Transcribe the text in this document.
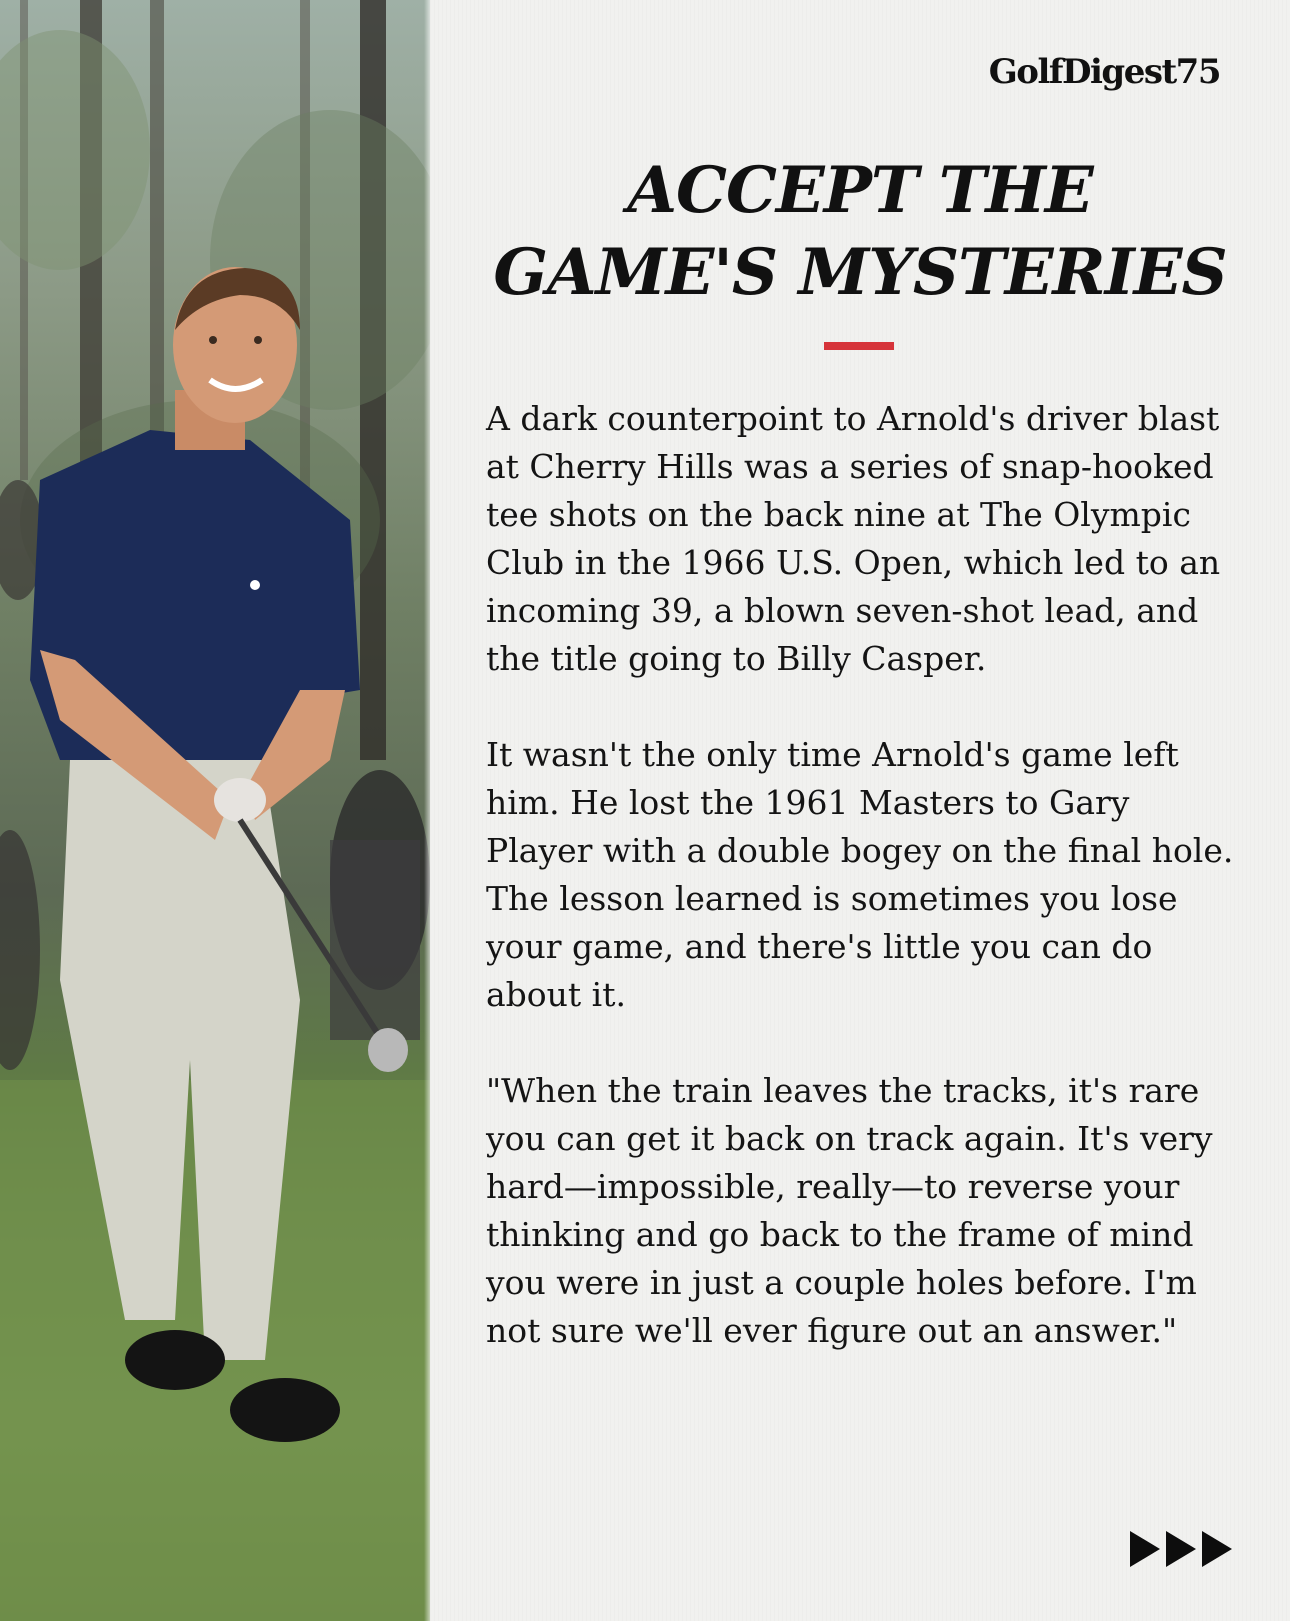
GolfDigest75
ACCEPT THE
GAME'S MYSTERIES

A dark counterpoint to Arnold's driver blast at Cherry Hills was a series of snap-hooked tee shots on the back nine at The Olympic Club in the 1966 U.S. Open, which led to an incoming 39, a blown seven-shot lead, and the title going to Billy Casper.

It wasn't the only time Arnold's game left him. He lost the 1961 Masters to Gary Player with a double bogey on the final hole. The lesson learned is sometimes you lose your game, and there's little you can do about it.

"When the train leaves the tracks, it's rare you can get it back on track again. It's very hard—impossible, really—to reverse your thinking and go back to the frame of mind you were in just a couple holes before. I'm not sure we'll ever figure out an answer."
